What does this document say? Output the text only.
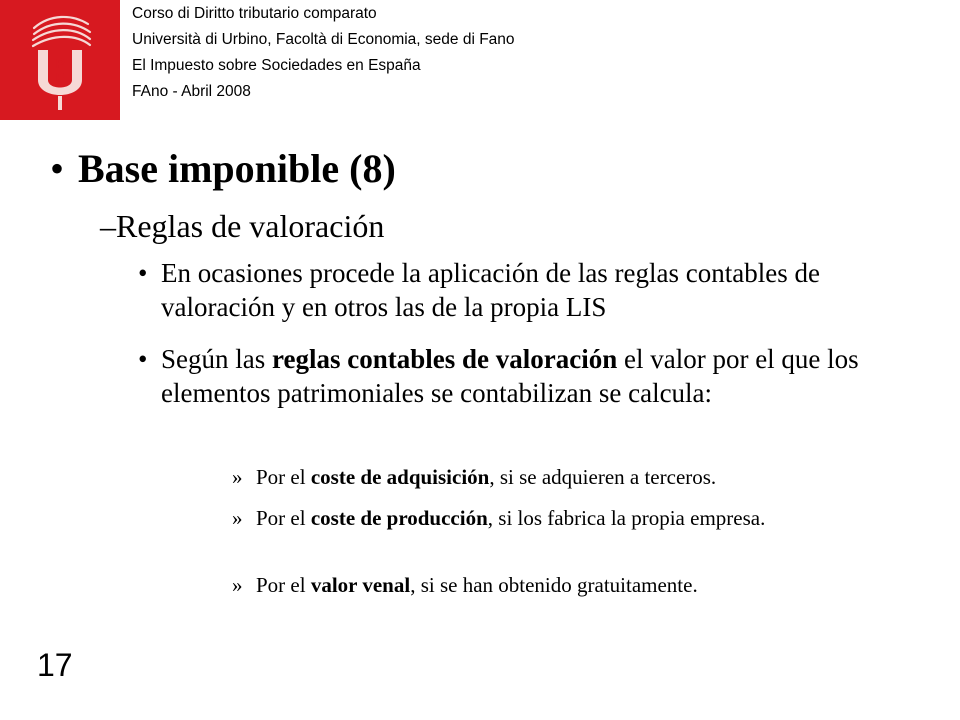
P
F
Corso di Diritto tributario comparato
Università di Urbino, Facoltà di Economia, sede di Fano
El Impuesto sobre Sociedades en España
FAno - Abril 2008
• Base imponible (8)
–Reglas de valoración
• En ocasiones procede la aplicación de las reglas contables de valoración y en otros las de la propia LIS
• Según las reglas contables de valoración el valor por el que los elementos patrimoniales se contabilizan se calcula:
» Por el coste de adquisición, si se adquieren a terceros.
» Por el coste de producción, si los fabrica la propia empresa.
» Por el valor venal, si se han obtenido gratuitamente.
17
